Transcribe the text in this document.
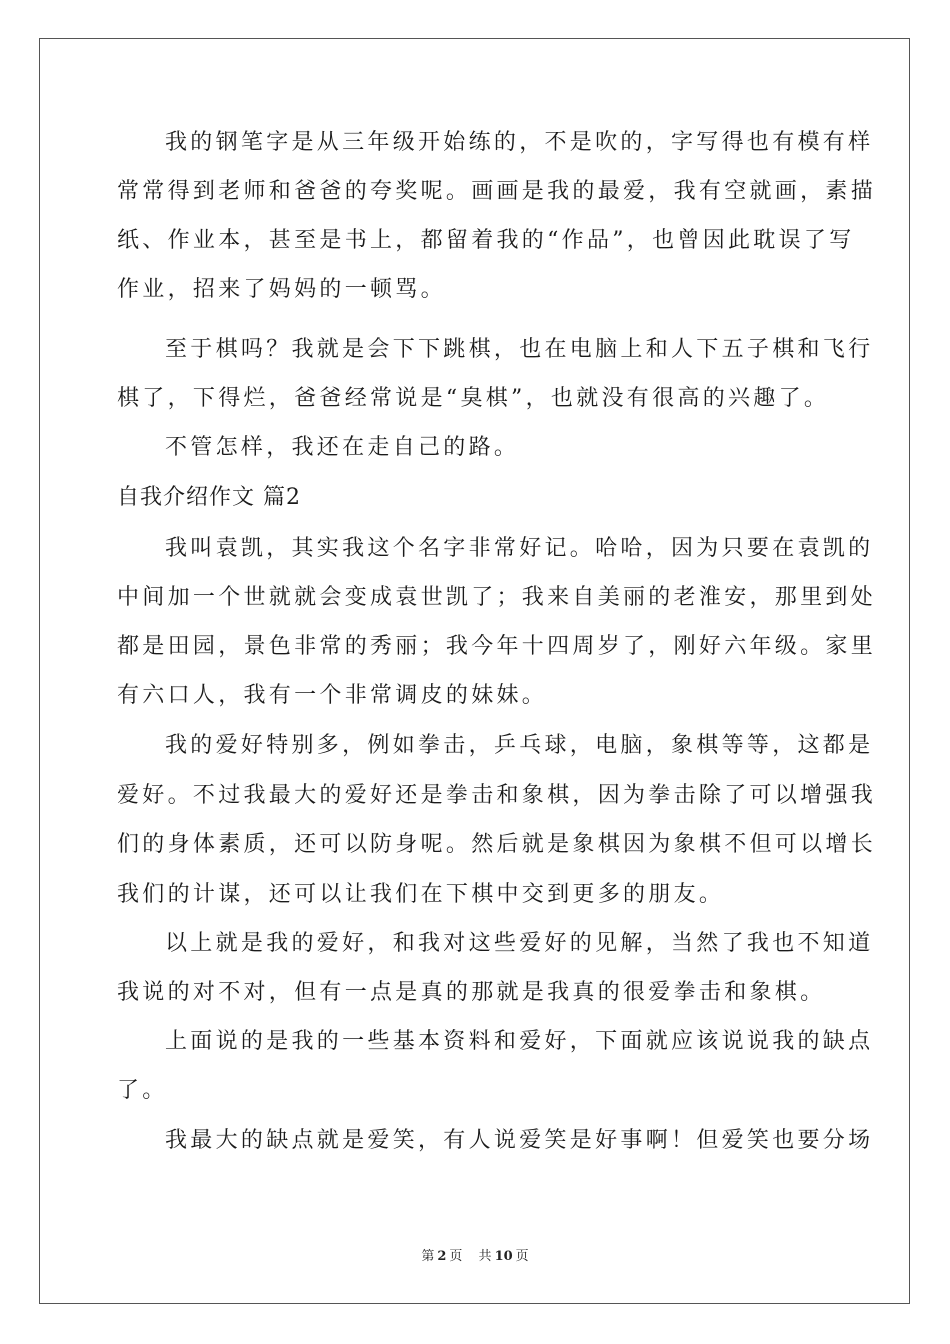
我的钢笔字是从三年级开始练的，不是吹的，字写得也有模有样
常常得到老师和爸爸的夸奖呢。画画是我的最爱，我有空就画，素描
纸、作业本，甚至是书上，都留着我的“作品”，也曾因此耽误了写
作业，招来了妈妈的一顿骂。
至于棋吗？我就是会下下跳棋，也在电脑上和人下五子棋和飞行
棋了，下得烂，爸爸经常说是“臭棋”，也就没有很高的兴趣了。
不管怎样，我还在走自己的路。
自我介绍作文 篇2
我叫袁凯，其实我这个名字非常好记。哈哈，因为只要在袁凯的
中间加一个世就就会变成袁世凯了；我来自美丽的老淮安，那里到处
都是田园，景色非常的秀丽；我今年十四周岁了，刚好六年级。家里
有六口人，我有一个非常调皮的妹妹。
我的爱好特别多，例如拳击，乒乓球，电脑，象棋等等，这都是
爱好。不过我最大的爱好还是拳击和象棋，因为拳击除了可以增强我
们的身体素质，还可以防身呢。然后就是象棋因为象棋不但可以增长
我们的计谋，还可以让我们在下棋中交到更多的朋友。
以上就是我的爱好，和我对这些爱好的见解，当然了我也不知道
我说的对不对，但有一点是真的那就是我真的很爱拳击和象棋。
上面说的是我的一些基本资料和爱好，下面就应该说说我的缺点
了。
我最大的缺点就是爱笑，有人说爱笑是好事啊！但爱笑也要分场
第 2 页 共 10 页
